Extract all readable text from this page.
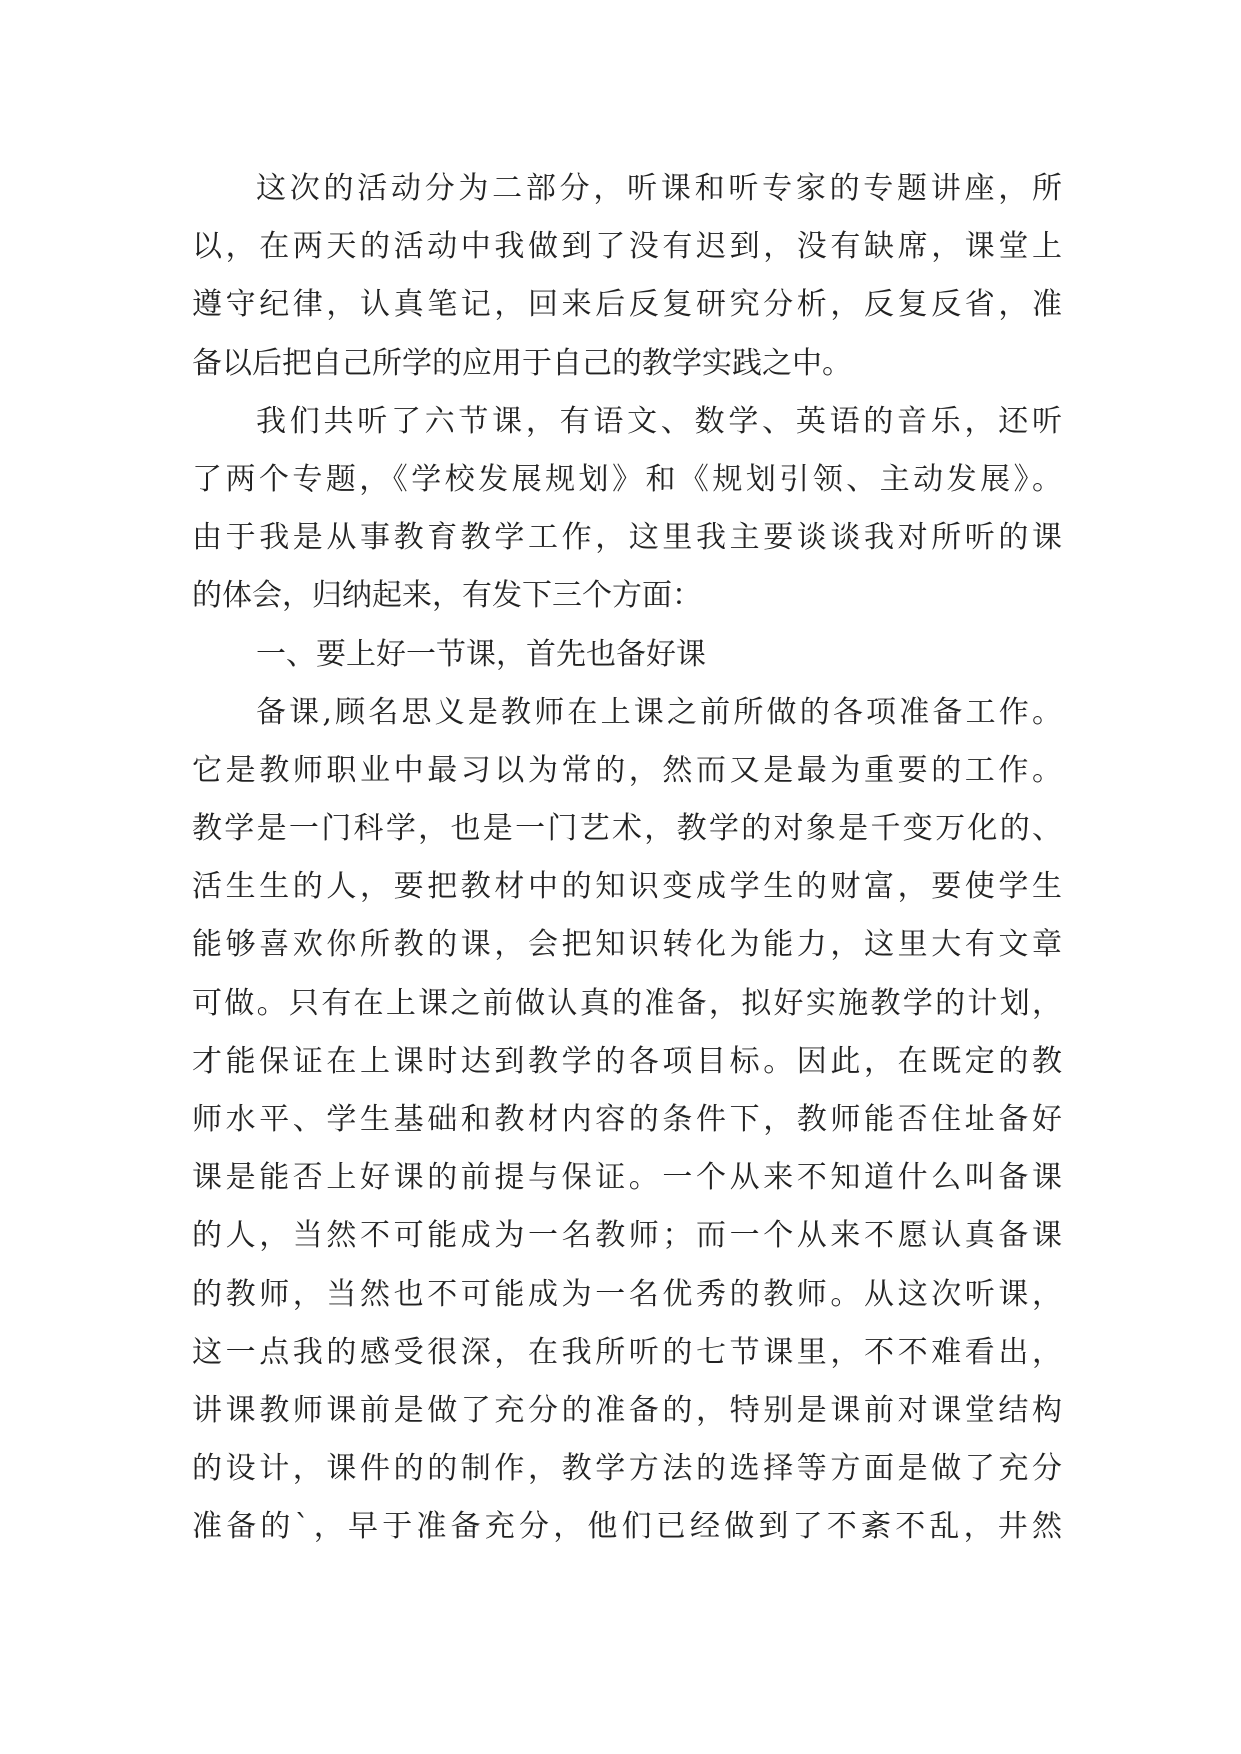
这次的活动分为二部分，听课和听专家的专题讲座，所
以，在两天的活动中我做到了没有迟到，没有缺席，课堂上
遵守纪律，认真笔记，回来后反复研究分析，反复反省，准
备以后把自己所学的应用于自己的教学实践之中。
我们共听了六节课，有语文、数学、英语的音乐，还听
了两个专题，《学校发展规划》和《规划引领、主动发展》。
由于我是从事教育教学工作，这里我主要谈谈我对所听的课
的体会，归纳起来，有发下三个方面：
一、要上好一节课，首先也备好课
备课,顾名思义是教师在上课之前所做的各项准备工作。
它是教师职业中最习以为常的，然而又是最为重要的工作。
教学是一门科学，也是一门艺术，教学的对象是千变万化的、
活生生的人，要把教材中的知识变成学生的财富，要使学生
能够喜欢你所教的课，会把知识转化为能力，这里大有文章
可做。只有在上课之前做认真的准备，拟好实施教学的计划，
才能保证在上课时达到教学的各项目标。因此，在既定的教
师水平、学生基础和教材内容的条件下，教师能否住址备好
课是能否上好课的前提与保证。一个从来不知道什么叫备课
的人，当然不可能成为一名教师；而一个从来不愿认真备课
的教师，当然也不可能成为一名优秀的教师。从这次听课，
这一点我的感受很深，在我所听的七节课里，不不难看出，
讲课教师课前是做了充分的准备的，特别是课前对课堂结构
的设计，课件的的制作，教学方法的选择等方面是做了充分
准备的`，早于准备充分，他们已经做到了不紊不乱，井然
